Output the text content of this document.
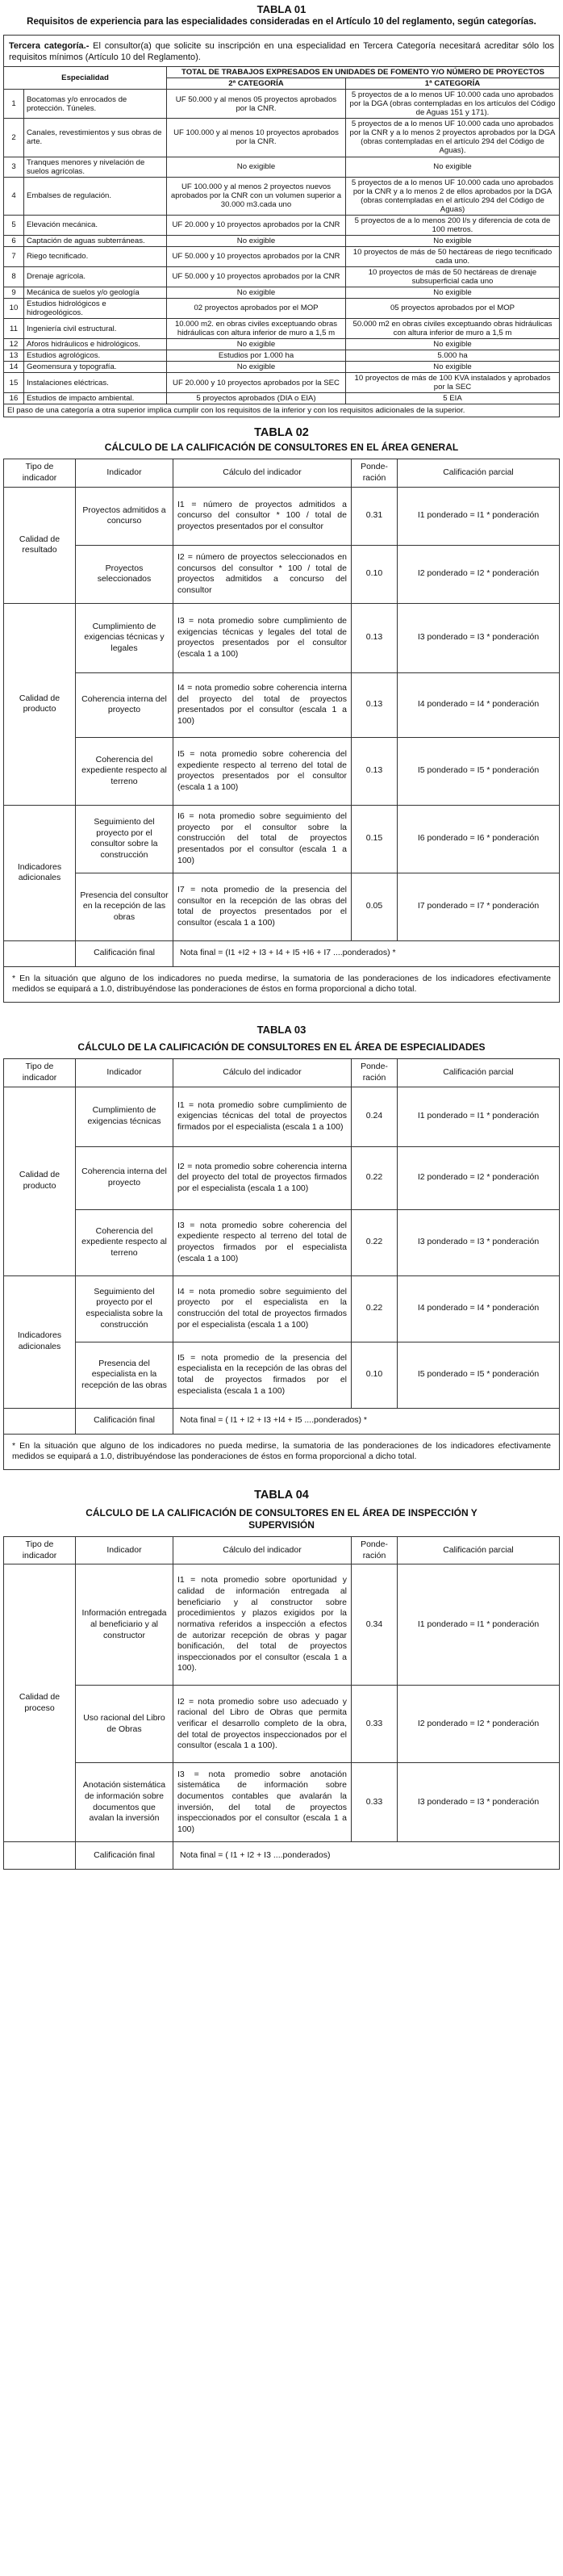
TABLA 01

Requisitos de experiencia para las especialidades consideradas en el Artículo 10 del reglamento, según categorías.

Tercera categoría.- El consultor(a) que solicite su inscripción en una especialidad en Tercera Categoría necesitará acreditar sólo los requisitos mínimos (Artículo 10 del Reglamento).			
Especialidad		TOTAL DE TRABAJOS EXPRESADOS EN UNIDADES DE FOMENTO Y/O NÚMERO DE PROYECTOS	
		2ª CATEGORÍA	1ª CATEGORÍA
1	Bocatomas y/o enrocados de protección. Túneles.	UF 50.000 y al menos 05 proyectos aprobados por la CNR.	5 proyectos de a lo menos UF 10.000 cada uno aprobados por la DGA (obras contempladas en los artículos del Código de Aguas 151 y 171).
2	Canales, revestimientos y sus obras de arte.	UF 100.000 y al menos 10 proyectos aprobados por la CNR.	5 proyectos de a lo menos UF 10.000 cada uno aprobados por la CNR y a lo menos 2 proyectos aprobados por la DGA (obras contempladas en el artículo 294 del Código de Aguas).
3	Tranques menores y nivelación de suelos agrícolas.	No exigible	No exigible
4	Embalses de regulación.	UF 100.000 y al menos 2 proyectos nuevos aprobados por la CNR con un volumen superior a 30.000 m3.cada uno	5 proyectos de a lo menos UF 10.000 cada uno aprobados por la CNR y a lo menos 2 de ellos aprobados por la DGA (obras contempladas en el artículo 294 del Código de Aguas)
5	Elevación mecánica.	UF 20.000 y 10 proyectos aprobados por la CNR	5 proyectos de a lo menos 200 l/s y diferencia de cota de 100 metros.
6	Captación de aguas subterráneas.	No exigible	No exigible
7	Riego tecnificado.	UF 50.000 y 10 proyectos aprobados por la CNR	10 proyectos de más de 50 hectáreas de riego tecnificado cada uno.
8	Drenaje agrícola.	UF 50.000 y 10 proyectos aprobados por la CNR	10 proyectos de más de 50 hectáreas de drenaje subsuperficial cada uno
9	Mecánica de suelos y/o geología	No exigible	No exigible
10	Estudios hidrológicos e hidrogeológicos.	02 proyectos aprobados por el MOP	05 proyectos aprobados por el MOP
11	Ingeniería civil estructural.	10.000 m2. en obras civiles exceptuando obras hidráulicas con altura inferior de muro a 1,5 m	50.000 m2 en obras civiles exceptuando obras hidráulicas con altura inferior de muro a 1,5 m
12	Aforos hidráulicos e hidrológicos.	No exigible	No exigible
13	Estudios agrológicos.	Estudios por 1.000 ha	5.000 ha
14	Geomensura y topografía.	No exigible	No exigible
15	Instalaciones eléctricas.	UF 20.000 y 10 proyectos aprobados por la SEC	10 proyectos de más de 100 KVA instalados y aprobados por la SEC
16	Estudios de impacto ambiental.	5 proyectos aprobados (DIA o EIA)	5 EIA
El paso de una categoría a otra superior implica cumplir con los requisitos de la inferior y con los requisitos adicionales de la superior.			

TABLA 02

CÁLCULO DE LA CALIFICACIÓN DE CONSULTORES EN EL ÁREA GENERAL

Tipo de indicador	Indicador	Cálculo del indicador	Ponde-ración	Calificación parcial
Calidad de resultado	Proyectos admitidos a concurso	I1 = número de proyectos admitidos a concurso del consultor * 100 / total de proyectos presentados por el consultor	0.31	I1 ponderado = I1 * ponderación
	Proyectos seleccionados	I2 = número de proyectos seleccionados en concursos del consultor * 100 / total de proyectos admitidos a concurso del consultor	0.10	I2 ponderado = I2 * ponderación
Calidad de producto	Cumplimiento de exigencias técnicas y legales	I3 = nota promedio sobre cumplimiento de exigencias técnicas y legales del total de proyectos presentados por el consultor (escala 1 a 100)	0.13	I3 ponderado = I3 * ponderación
	Coherencia interna del proyecto	I4 = nota promedio sobre coherencia interna del proyecto del total de proyectos presentados por el consultor (escala 1 a 100)	0.13	I4 ponderado = I4 * ponderación
	Coherencia del expediente respecto al terreno	I5 = nota promedio sobre coherencia del expediente respecto al terreno del total de proyectos presentados por el consultor (escala 1 a 100)	0.13	I5 ponderado = I5 * ponderación
Indicadores adicionales	Seguimiento del proyecto por el consultor sobre la construcción	I6 = nota promedio sobre seguimiento del proyecto por el consultor sobre la construcción del total de proyectos presentados por el consultor (escala 1 a 100)	0.15	I6 ponderado = I6 * ponderación
	Presencia del consultor en la recepción de las obras	I7 = nota promedio de la presencia del consultor en la recepción de las obras del total de proyectos presentados por el consultor (escala 1 a 100)	0.05	I7 ponderado = I7 * ponderación
	Calificación final	Nota final = (I1 +I2 + I3 + I4 + I5 +I6 + I7 ....ponderados) *		
* En la situación que alguno de los indicadores no pueda medirse, la sumatoria de las ponderaciones de los indicadores efectivamente medidos se equipará a 1.0, distribuyéndose las ponderaciones de éstos en forma proporcional a dicho total.				

TABLA 03

CÁLCULO DE LA CALIFICACIÓN DE CONSULTORES EN EL ÁREA DE ESPECIALIDADES

Tipo de indicador	Indicador	Cálculo del indicador	Ponde-ración	Calificación parcial
Calidad de producto	Cumplimiento de exigencias técnicas	I1 = nota promedio sobre cumplimiento de exigencias técnicas del total de proyectos firmados por el especialista (escala 1 a 100)	0.24	I1 ponderado = I1 * ponderación
	Coherencia interna del proyecto	I2 = nota promedio sobre coherencia interna del proyecto del total de proyectos firmados por el especialista (escala 1 a 100)	0.22	I2 ponderado = I2 * ponderación
	Coherencia del expediente respecto al terreno	I3 = nota promedio sobre coherencia del expediente respecto al terreno del total de proyectos firmados por el especialista (escala 1 a 100)	0.22	I3 ponderado = I3 * ponderación
Indicadores adicionales	Seguimiento del proyecto por el especialista sobre la construcción	I4 = nota promedio sobre seguimiento del proyecto por el especialista en la construcción del total de proyectos firmados por el especialista (escala 1 a 100)	0.22	I4 ponderado = I4 * ponderación
	Presencia del especialista en la recepción de las obras	I5 = nota promedio de la presencia del especialista en la recepción de las obras del total de proyectos firmados por el especialista (escala 1 a 100)	0.10	I5 ponderado = I5 * ponderación
	Calificación final	Nota final = ( I1 + I2 + I3 +I4 + I5 ....ponderados) *		
* En la situación que alguno de los indicadores no pueda medirse, la sumatoria de las ponderaciones de los indicadores efectivamente medidos se equipará a 1.0, distribuyéndose las ponderaciones de éstos en forma proporcional a dicho total.				

TABLA 04

CÁLCULO DE LA CALIFICACIÓN DE CONSULTORES EN EL ÁREA DE INSPECCIÓN Y SUPERVISIÓN

Tipo de indicador	Indicador	Cálculo del indicador	Ponde-ración	Calificación parcial
Calidad de proceso	Información entregada al beneficiario y al constructor	I1 = nota promedio sobre oportunidad y calidad de información entregada al beneficiario y al constructor sobre procedimientos y plazos exigidos por la normativa referidos a inspección a efectos de autorizar recepción de obras y pagar bonificación, del total de proyectos inspeccionados por el consultor (escala 1 a 100).	0.34	I1 ponderado = I1 * ponderación
	Uso racional del Libro de Obras	I2 = nota promedio sobre uso adecuado y racional del Libro de Obras que permita verificar el desarrollo completo de la obra, del total de proyectos inspeccionados por el consultor (escala 1 a 100).	0.33	I2 ponderado = I2 * ponderación
	Anotación sistemática de información sobre documentos que avalan la inversión	I3 = nota promedio sobre anotación sistemática de información sobre documentos contables que avalarán la inversión, del total de proyectos inspeccionados por el consultor (escala 1 a 100)	0.33	I3 ponderado = I3 * ponderación
	Calificación final	Nota final = ( I1 + I2 + I3 ....ponderados)		
